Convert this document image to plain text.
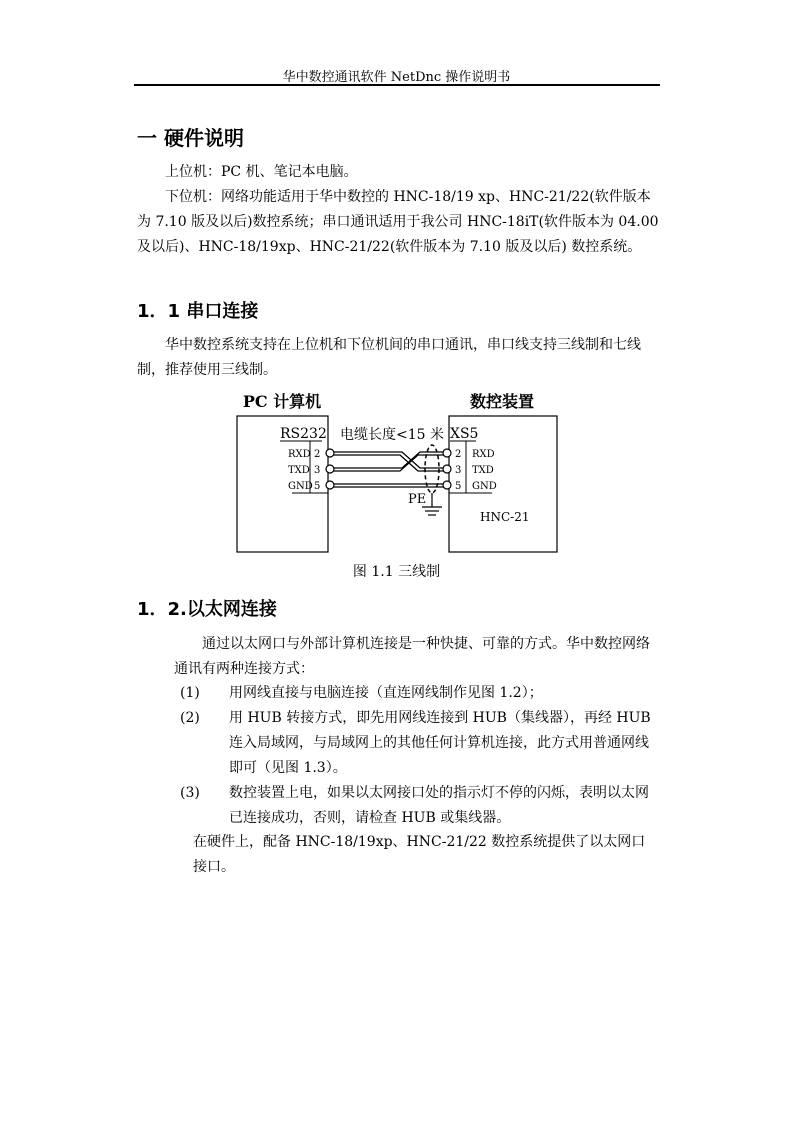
华中数控通讯软件 NetDnc 操作说明书
一 硬件说明
上位机：PC 机、笔记本电脑。
下位机：网络功能适用于华中数控的 HNC-18/19 xp、HNC-21/22(软件版本为 7.10 版及以后)数控系统；串口通讯适用于我公司 HNC-18iT(软件版本为 04.00 及以后)、HNC-18/19xp、HNC-21/22(软件版本为 7.10 版及以后) 数控系统。
1．1 串口连接
华中数控系统支持在上位机和下位机间的串口通讯，串口线支持三线制和七线制，推荐使用三线制。
PC 计算机	数控装置
RS232	XS5
电缆长度<15 米
RXD
TXD
GND
2
3
5
2
3
5
RXD
TXD
GND
PE
HNC-21
图 1.1 三线制
1．2.以太网连接
通过以太网口与外部计算机连接是一种快捷、可靠的方式。华中数控网络通讯有两种连接方式：
(1) 用网线直接与电脑连接（直连网线制作见图 1.2）；
(2) 用 HUB 转接方式，即先用网线连接到 HUB（集线器），再经 HUB 连入局域网，与局域网上的其他任何计算机连接，此方式用普通网线即可（见图 1.3）。
(3) 数控装置上电，如果以太网接口处的指示灯不停的闪烁，表明以太网已连接成功，否则，请检查 HUB 或集线器。
在硬件上，配备 HNC-18/19xp、HNC-21/22 数控系统提供了以太网口接口。
